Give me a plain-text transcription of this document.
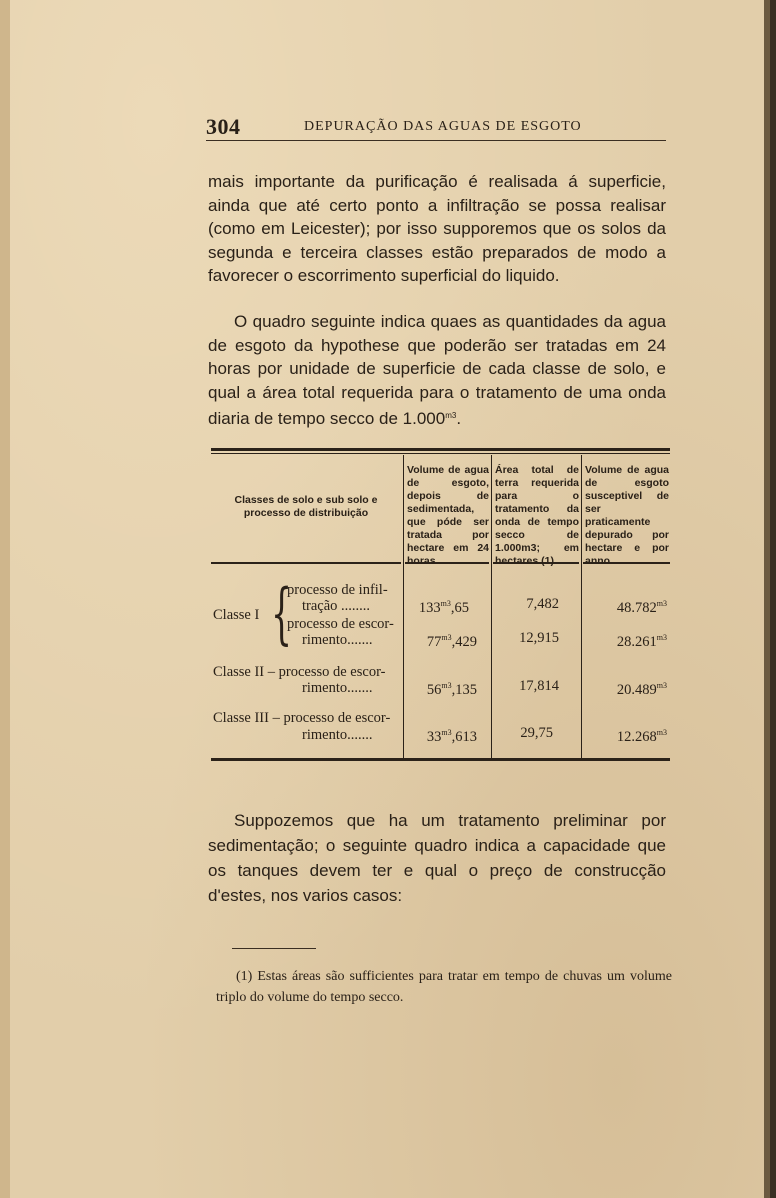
304	DEPURAÇÃO DAS AGUAS DE ESGOTO
mais importante da purificação é realisada á superficie, ainda que até certo ponto a infiltração se possa realisar (como em Leicester); por isso supporemos que os solos da segunda e terceira classes estão preparados de modo a favorecer o escorrimento superficial do liquido.
O quadro seguinte indica quaes as quantidades da agua de esgoto da hypothese que poderão ser tratadas em 24 horas por unidade de superficie de cada classe de solo, e qual a área total requerida para o tratamento de uma onda diaria de tempo secco de $1.000^{m3}$.
Classes de solo e sub solo e processo de distribuição
Volume de agua de esgoto, depois de sedimentada, que póde ser tratada por hectare em 24 horas
Área total de terra requerida para o tratamento da onda de tempo secco de 1.000m3; em hectares (1)
Volume de agua de esgoto susceptivel de ser praticamente depurado por hectare e por anno
Classe I {
processo de infil-
tração ........
processo de escor-
rimento.......
Classe II – processo de escor-
rimento.......
Classe III – processo de escor-
rimento.......
$133^{m3},65$
$77^{m3},429$
$56^{m3},135$
$33^{m3},613$
7,482
12,915
17,814
29,75
$48.782^{m3}$
$28.261^{m3}$
$20.489^{m3}$
$12.268^{m3}$
Suppozemos que ha um tratamento preliminar por sedimentação; o seguinte quadro indica a capacidade que os tanques devem ter e qual o preço de construcção d'estes, nos varios casos:
(1) Estas áreas são sufficientes para tratar em tempo de chuvas um volume triplo do volume do tempo secco.
